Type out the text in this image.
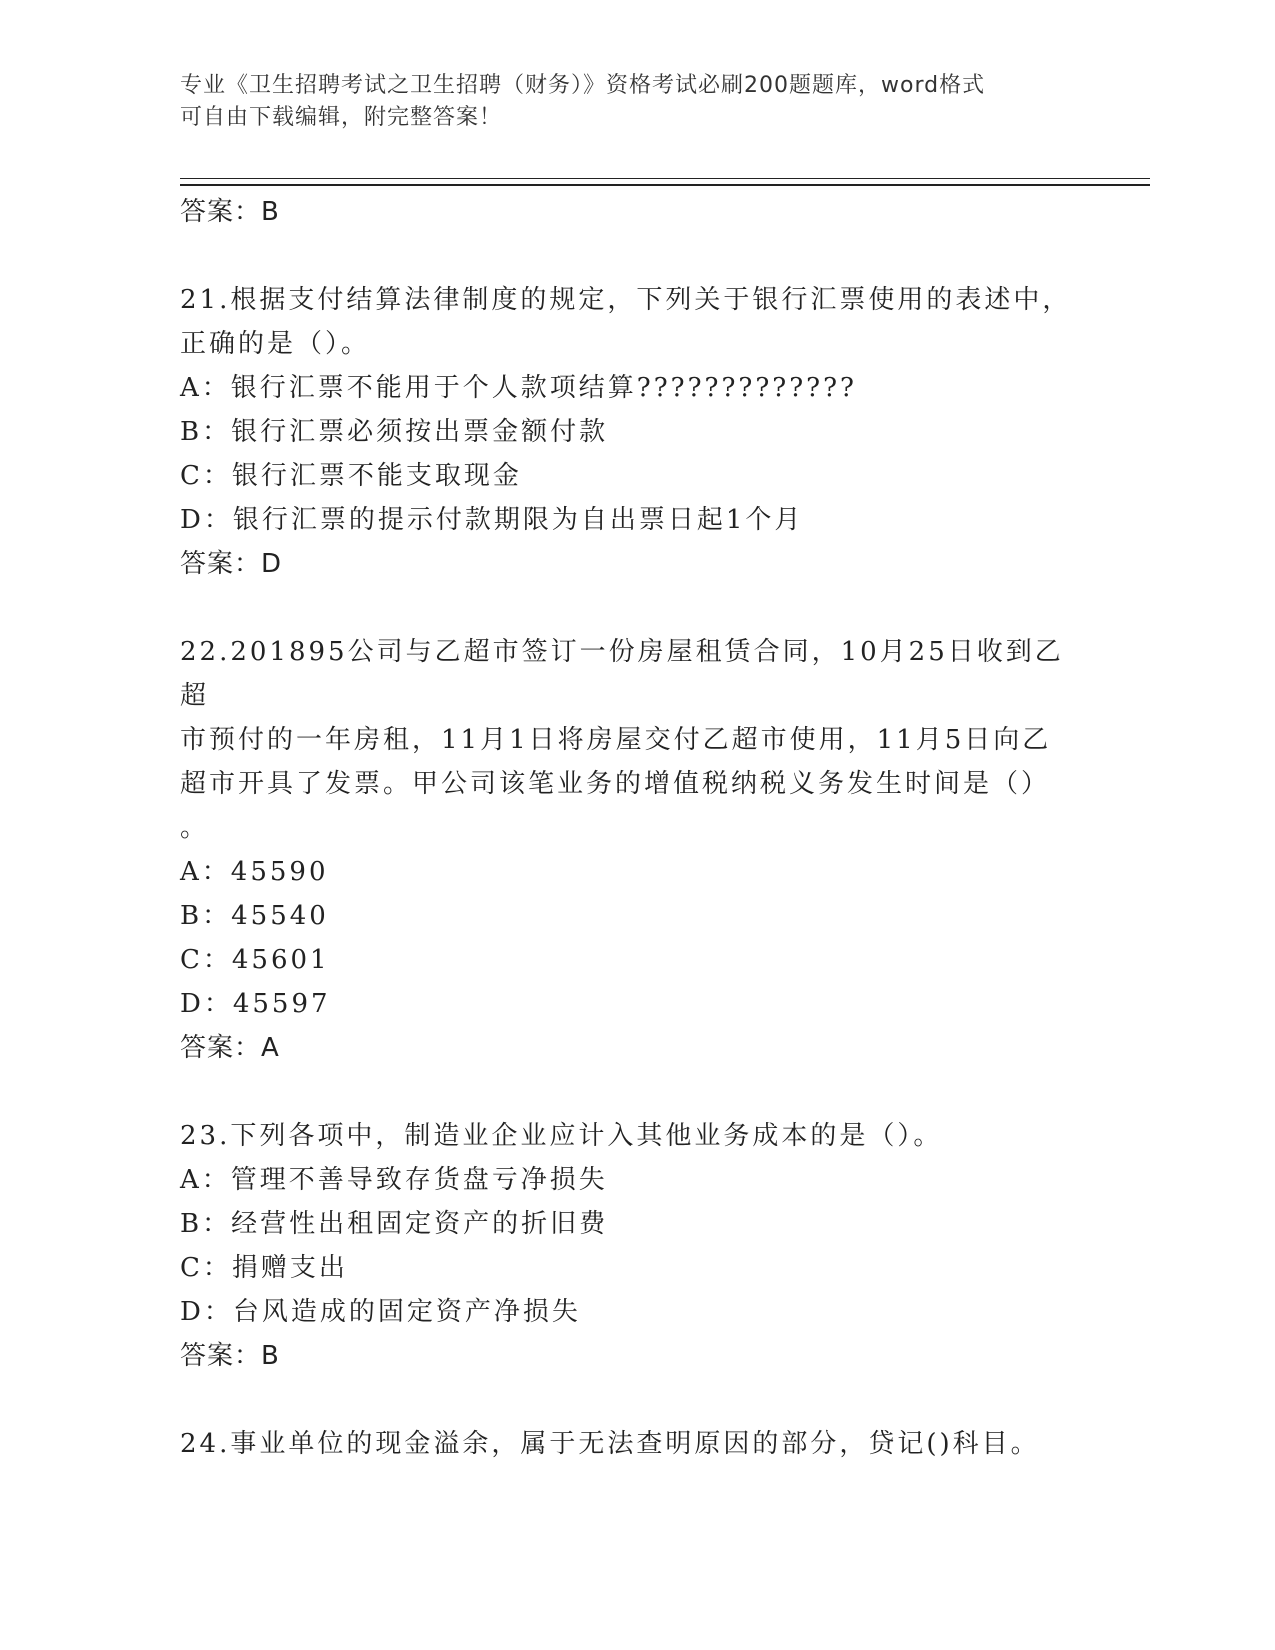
专业《卫生招聘考试之卫生招聘（财务）》资格考试必刷200题题库，word格式
可自由下载编辑，附完整答案！
答案：B
21.根据支付结算法律制度的规定，下列关于银行汇票使用的表述中，
正确的是（）。
A：银行汇票不能用于个人款项结算?????????????
B：银行汇票必须按出票金额付款
C：银行汇票不能支取现金
D：银行汇票的提示付款期限为自出票日起1个月
答案：D
22.201895公司与乙超市签订一份房屋租赁合同，10月25日收到乙超
市预付的一年房租，11月1日将房屋交付乙超市使用，11月5日向乙
超市开具了发票。甲公司该笔业务的增值税纳税义务发生时间是（）
。
A：45590
B：45540
C：45601
D：45597
答案：A
23.下列各项中，制造业企业应计入其他业务成本的是（）。
A：管理不善导致存货盘亏净损失
B：经营性出租固定资产的折旧费
C：捐赠支出
D：台风造成的固定资产净损失
答案：B
24.事业单位的现金溢余，属于无法查明原因的部分，贷记()科目。
